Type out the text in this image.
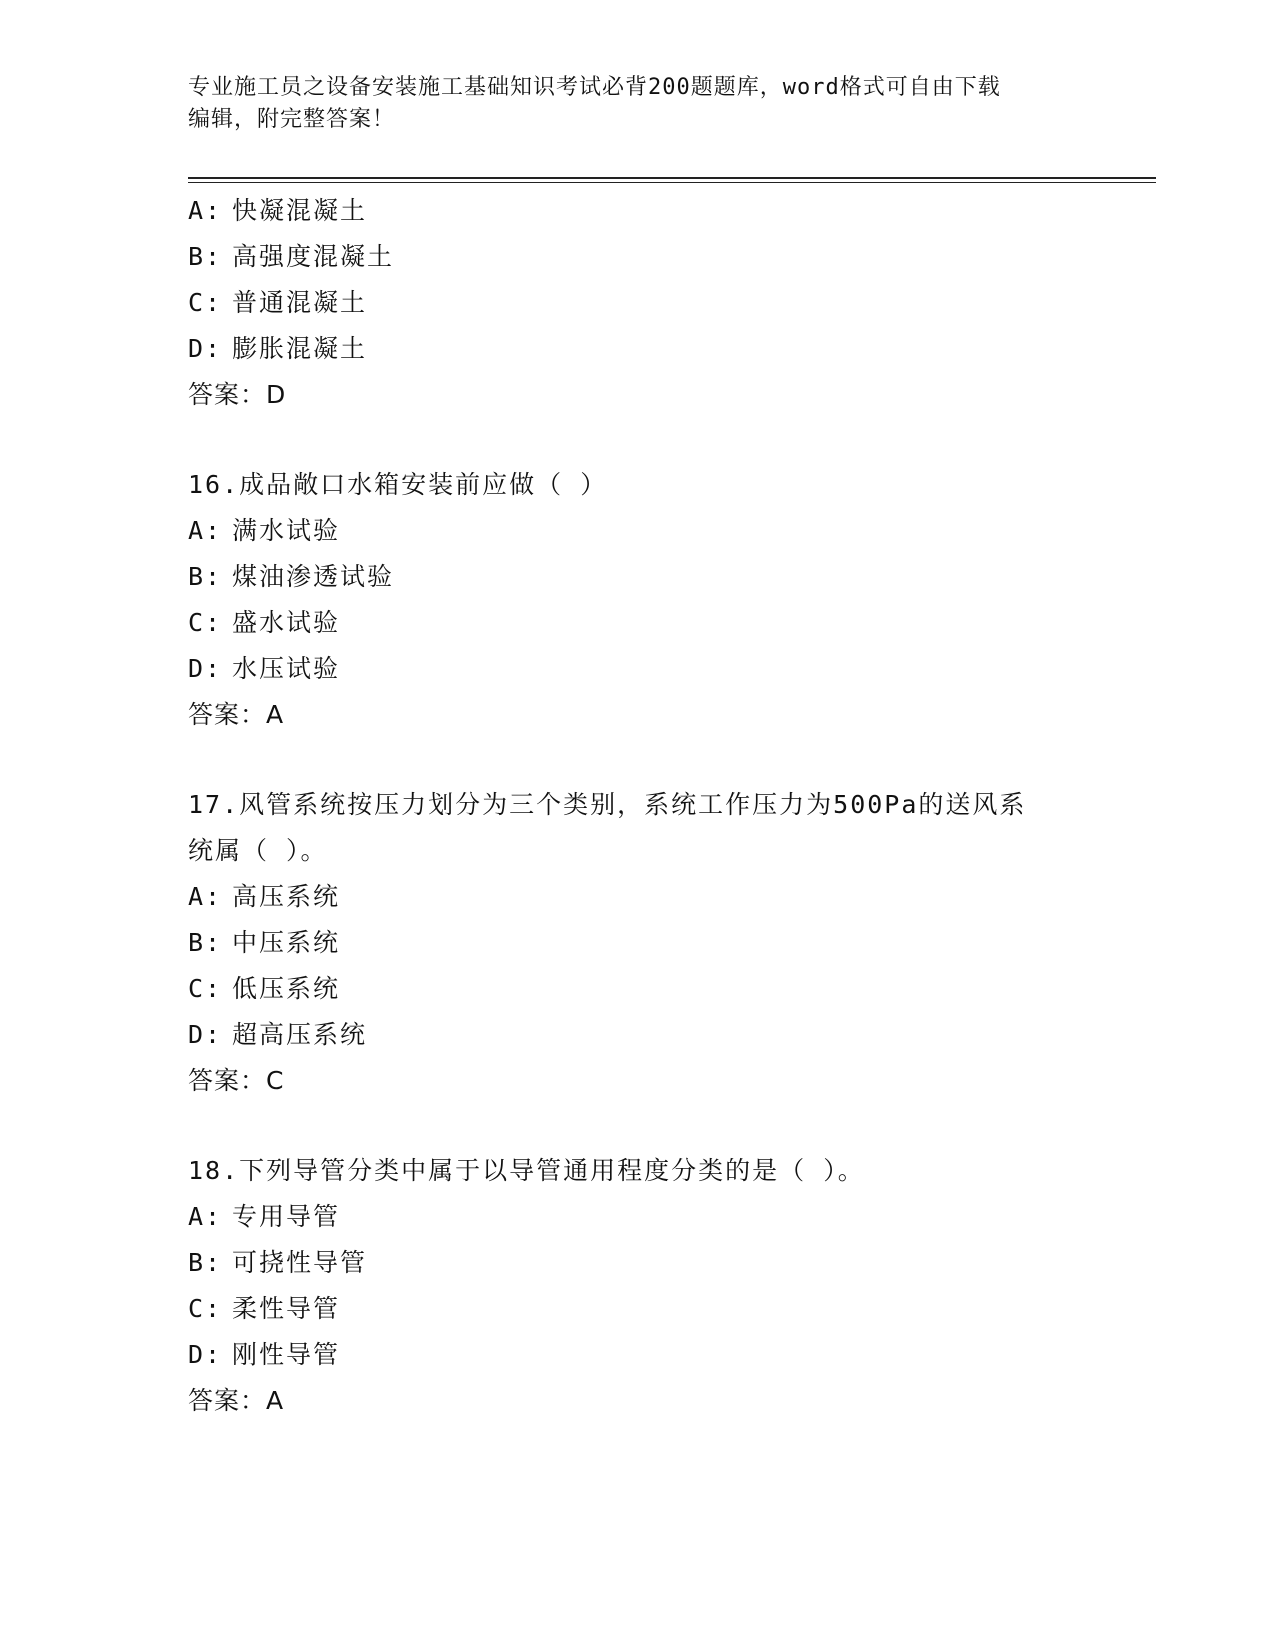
专业施工员之设备安装施工基础知识考试必背200题题库，word格式可自由下载
编辑，附完整答案！
A: 快凝混凝土
B: 高强度混凝土
C: 普通混凝土
D: 膨胀混凝土
答案：D
16.成品敞口水箱安装前应做（ ）
A: 满水试验
B: 煤油渗透试验
C: 盛水试验
D: 水压试验
答案：A
17.风管系统按压力划分为三个类别，系统工作压力为500Pa的送风系
统属（ ）。
A: 高压系统
B: 中压系统
C: 低压系统
D: 超高压系统
答案：C
18.下列导管分类中属于以导管通用程度分类的是（ ）。
A: 专用导管
B: 可挠性导管
C: 柔性导管
D: 刚性导管
答案：A
